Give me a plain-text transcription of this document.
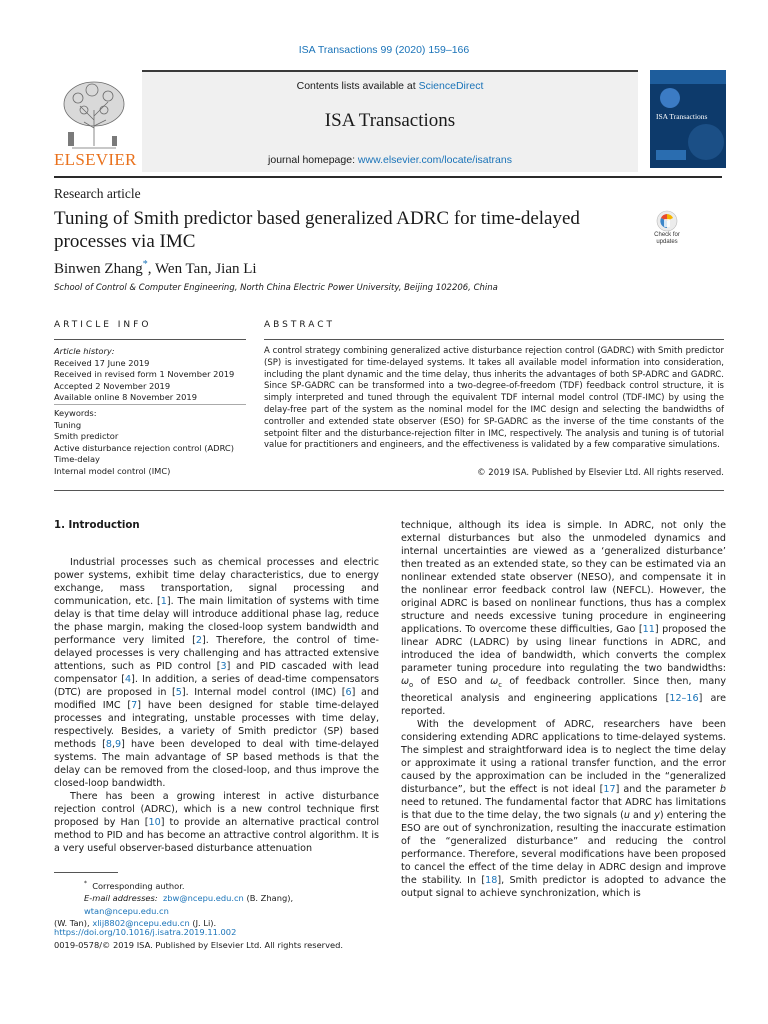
ISA Transactions 99 (2020) 159–166
ELSEVIER
Contents lists available at ScienceDirect
ISA Transactions
journal homepage: www.elsevier.com/locate/isatrans
ISA Transactions
Research article
Tuning of Smith predictor based generalized ADRC for time-delayed processes via IMC	Check for updates
Binwen Zhang*, Wen Tan, Jian Li
School of Control & Computer Engineering, North China Electric Power University, Beijing 102206, China
ARTICLE INFO	ABSTRACT
Article history:
Received 17 June 2019
Received in revised form 1 November 2019
Accepted 2 November 2019
Available online 8 November 2019
Keywords:
Tuning
Smith predictor
Active disturbance rejection control (ADRC)
Time-delay
Internal model control (IMC)
A control strategy combining generalized active disturbance rejection control (GADRC) with Smith predictor (SP) is investigated for time-delayed systems. It takes all available model information into consideration, including the plant dynamic and the time delay, thus inherits the advantages of both SP-ADRC and GADRC. Since SP-GADRC can be transformed into a two-degree-of-freedom (TDF) feedback control structure, it is simply interpreted and tuned through the equivalent TDF internal model control (TDF-IMC) by using the delay-free part of the system as the nominal model for the IMC design and selecting the bandwidths of controller and extended state observer (ESO) for SP-GADRC as the inverse of the time constants of the setpoint filter and the disturbance-rejection filter in IMC, respectively. The analysis and tuning is of tutorial value for practitioners and engineers, and the effectiveness is validated by a few comparative simulations.
© 2019 ISA. Published by Elsevier Ltd. All rights reserved.
1. Introduction

Industrial processes such as chemical processes and electric power systems, exhibit time delay characteristics, due to energy exchange, mass transportation, signal processing and communication, etc. [1]. The main limitation of systems with time delay is that time delay will introduce additional phase lag, reduce the phase margin, making the closed-loop system bandwidth and performance very limited [2]. Therefore, the control of time-delayed processes is very challenging and has attracted extensive attentions, such as PID control [3] and PID cascaded with lead compensator [4]. In addition, a series of dead-time compensators (DTC) are proposed in [5]. Internal model control (IMC) [6] and modified IMC [7] have been designed for stable time-delayed processes and integrating, unstable processes with time delay, respectively. Besides, a variety of Smith predictor (SP) based methods [8,9] have been developed to deal with time-delayed systems. The main advantage of SP based methods is that the delay can be removed from the closed-loop, and thus improve the closed-loop bandwidth.

There has been a growing interest in active disturbance rejection control (ADRC), which is a new control technique first proposed by Han [10] to provide an alternative practical control method to PID and has become an attractive control algorithm. It is a very useful observer-based disturbance attenuation

technique, although its idea is simple. In ADRC, not only the external disturbances but also the unmodeled dynamics and internal uncertainties are viewed as a ‘generalized disturbance’ then treated as an extended state, so they can be estimated via an nonlinear extended state observer (NESO), and compensate it in the nonlinear error feedback control law (NEFCL). However, the original ADRC is based on nonlinear functions, thus has a complex structure and needs excessive tuning procedure in engineering applications. To overcome these difficulties, Gao [11] proposed the linear ADRC (LADRC) by using linear functions in ADRC, and introduced the idea of bandwidth, which converts the complex parameter tuning procedure into regulating the two bandwidths: $\omega_o$ of ESO and $\omega_c$ of feedback controller. Since then, many theoretical analysis and engineering applications [12–16] are reported.

With the development of ADRC, researchers have been considering extending ADRC applications to time-delayed systems. The simplest and straightforward idea is to neglect the time delay or approximate it using a rational transfer function, and the error caused by the approximation can be included in the “generalized disturbance”, but the effect is not ideal [17] and the parameter b need to retuned. The fundamental factor that ADRC has limitations is that due to the time delay, the two signals (u and y) entering the ESO are out of synchronization, resulting the inaccurate estimation of the “generalized disturbance” and reducing the control performance. Therefore, several modifications have been proposed to cancel the effect of the time delay in ADRC design and improve the stability. In [18], Smith predictor is adopted to advance the output signal to achieve synchronization, which is

* Corresponding author.
E-mail addresses: zbw@ncepu.edu.cn (B. Zhang), wtan@ncepu.edu.cn
(W. Tan), xlij8802@ncepu.edu.cn (J. Li).
https://doi.org/10.1016/j.isatra.2019.11.002
0019-0578/© 2019 ISA. Published by Elsevier Ltd. All rights reserved.
